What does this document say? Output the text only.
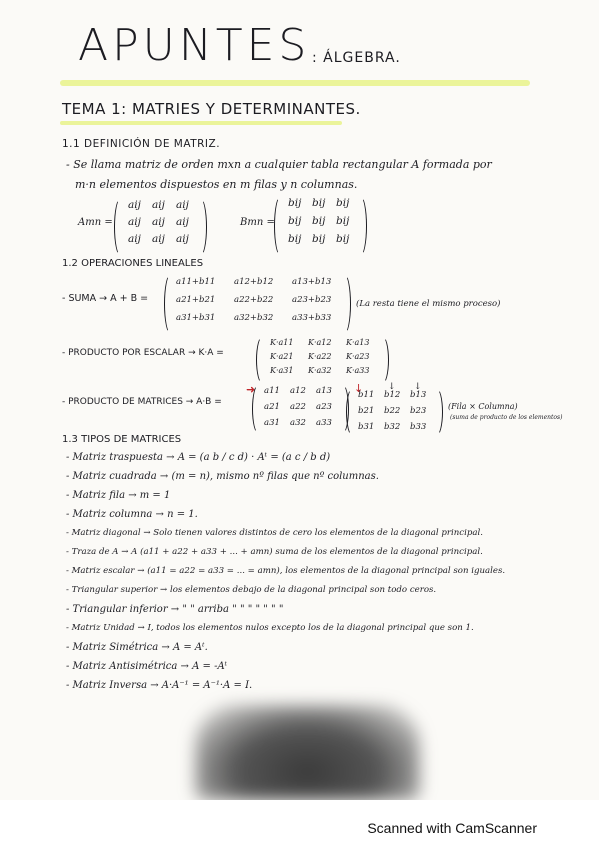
APUNTES : ÁLGEBRA.
TEMA 1: MATRIES Y DETERMINANTES.
1.1 DEFINICIÓN DE MATRIZ.
- Se llama matriz de orden mxn a cualquier tabla rectangular A formada por
m·n elementos dispuestos en m filas y n columnas.
Amn =
aij aij aij
aij aij aij
aij aij aij
Bmn =
bij bij bij
bij bij bij
bij bij bij
1.2 OPERACIONES LINEALES
- SUMA → A + B =
a11+b11 a12+b12 a13+b13
a21+b21 a22+b22 a23+b23
a31+b31 a32+b32 a33+b33
(La resta tiene el mismo proceso)
- PRODUCTO POR ESCALAR → K·A =
K·a11 K·a12 K·a13
K·a21 K·a22 K·a23
K·a31 K·a32 K·a33
- PRODUCTO DE MATRICES → A·B =
➜ a11 a12 a13
a21 a22 a23
a31 a32 a33
↓	↓ ↓
b11 b12 b13
b21 b22 b23
b31 b32 b33
(Fila × Columna)
(suma de producto de los elementos)
1.3 TIPOS DE MATRICES
- Matriz traspuesta → A = (a b / c d) · Aᵗ = (a c / b d)
- Matriz cuadrada → (m = n), mismo nº filas que nº columnas.
- Matriz fila → m = 1
- Matriz columna → n = 1.
- Matriz diagonal → Solo tienen valores distintos de cero los elementos de la diagonal principal.
- Traza de A → A (a11 + a22 + a33 + ... + amn) suma de los elementos de la diagonal principal.
- Matriz escalar → (a11 = a22 = a33 = ... = amn), los elementos de la diagonal principal son iguales.
- Triangular superior → los elementos debajo de la diagonal principal son todo ceros.
- Triangular inferior → " " arriba " " " " " " "
- Matriz Unidad → I, todos los elementos nulos excepto los de la diagonal principal que son 1.
- Matriz Simétrica → A = Aᵗ.
- Matriz Antisimétrica → A = -Aᵗ
- Matriz Inversa → A·A⁻¹ = A⁻¹·A = I.
Scanned with CamScanner
